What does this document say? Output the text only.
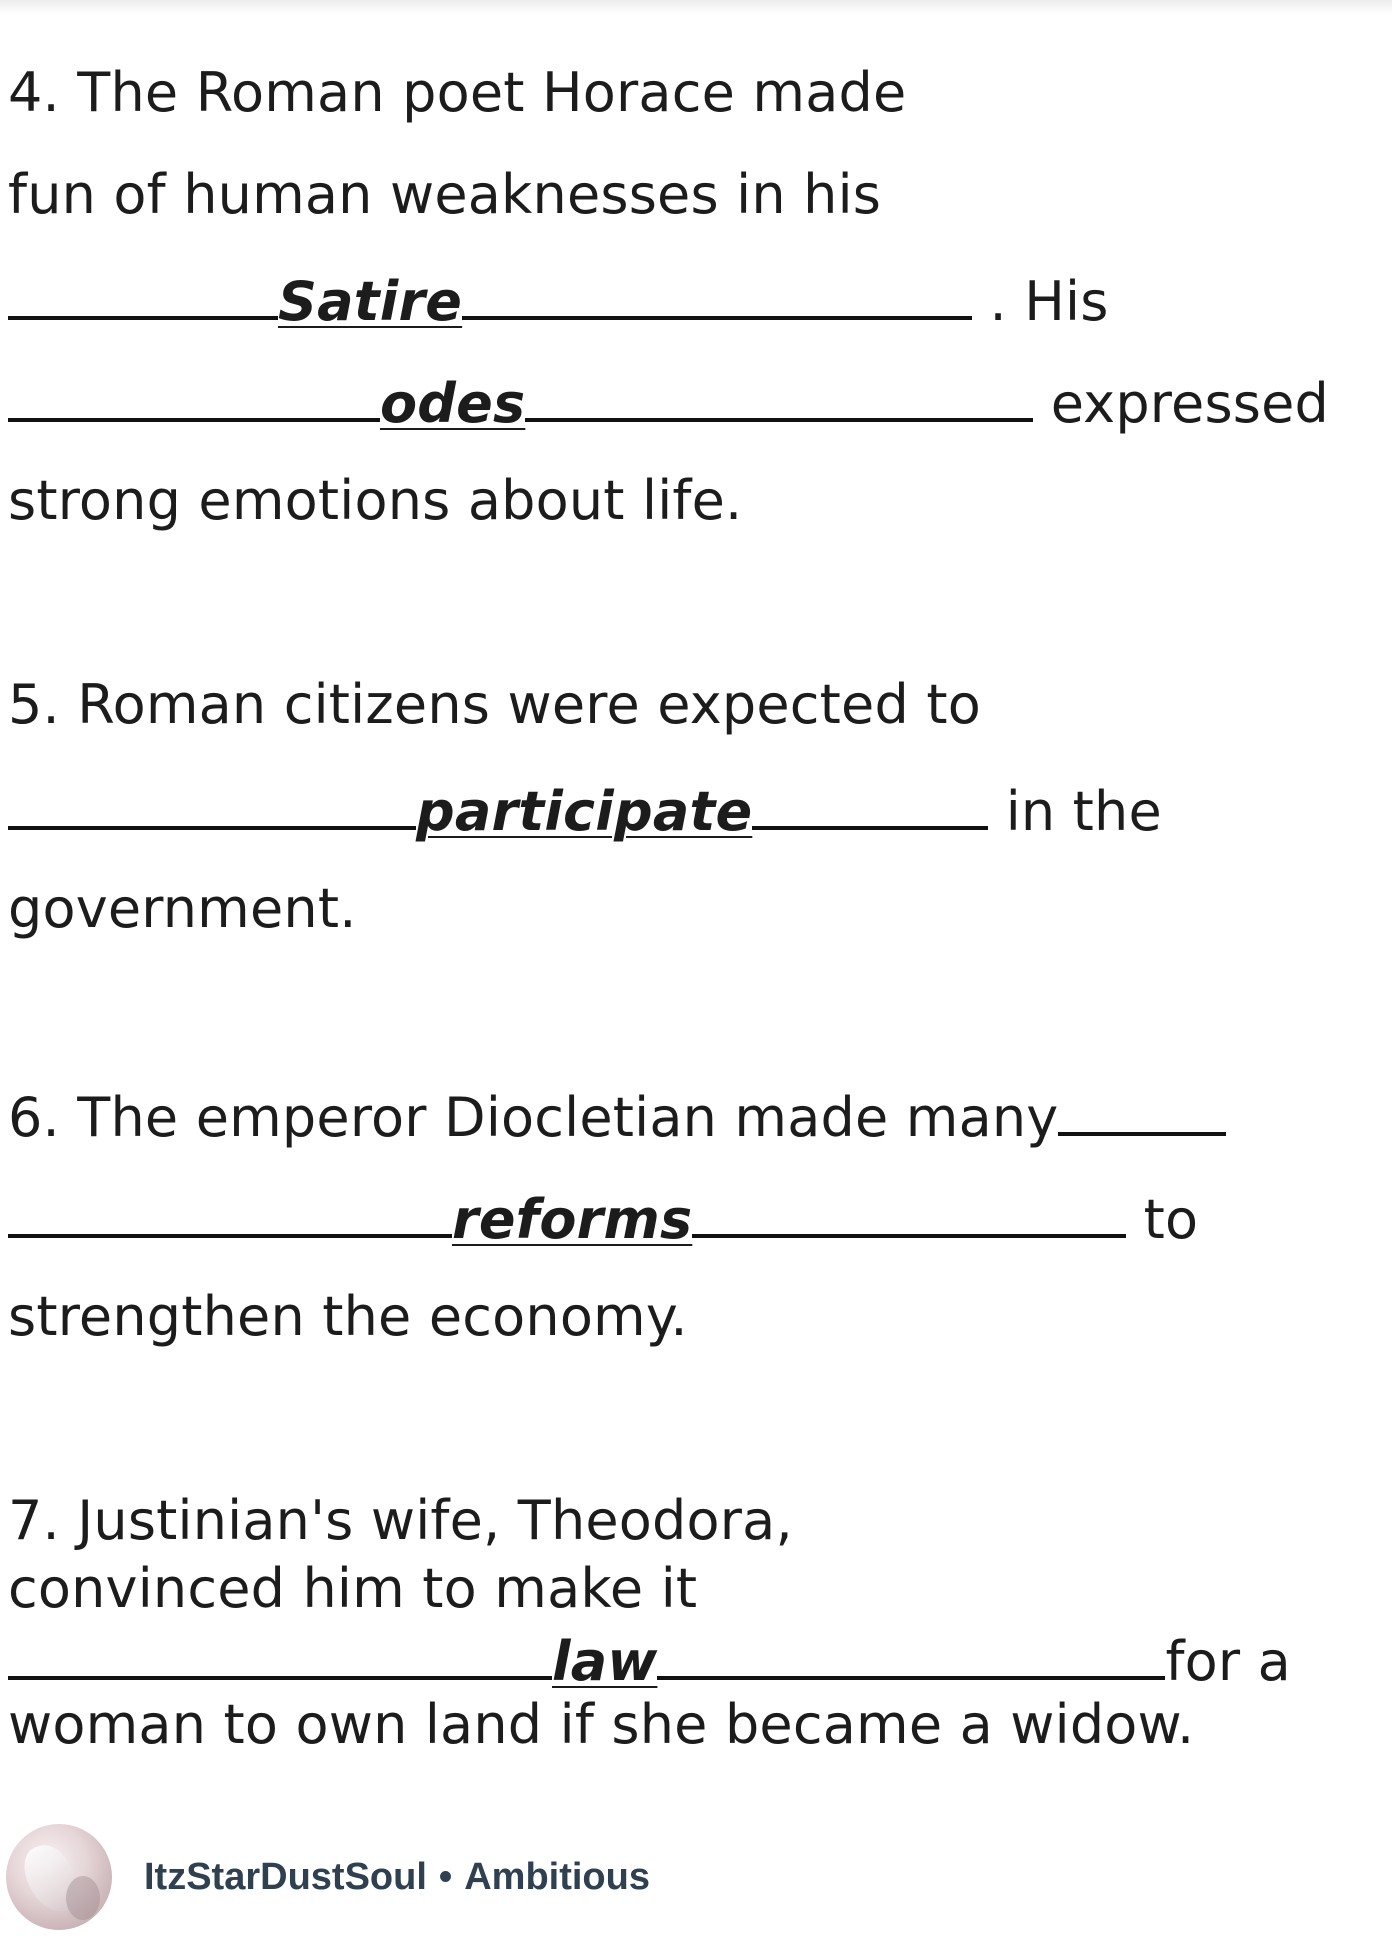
4. The Roman poet Horace made
fun of human weaknesses in his
Satire	. His
odes	expressed
strong emotions about life.
5. Roman citizens were expected to
participate	in the
government.
6. The emperor Diocletian made many
reforms	to
strengthen the economy.
7. Justinian's wife, Theodora,
convinced him to make it
law	for a
woman to own land if she became a widow.
ItzStarDustSoul • Ambitious
